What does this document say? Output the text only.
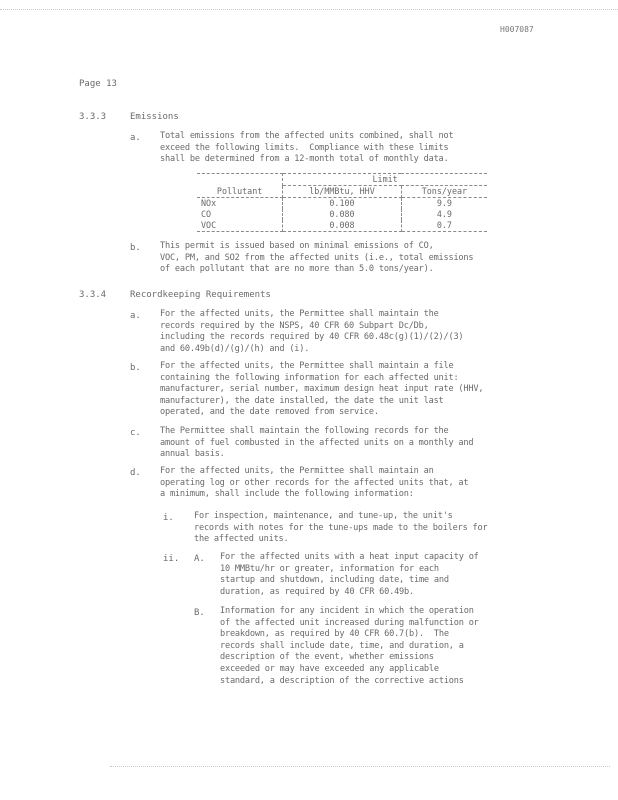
H007087
Page 13
3.3.3	Emissions
a. Total emissions from the affected units combined, shall not
exceed the following limits.  Compliance with these limits
shall be determined from a 12-month total of monthly data.
	Limit	
Pollutant	lb/MMBtu, HHV	Tons/year
NOx	0.100	9.9
CO	0.080	4.9
VOC	0.008	0.7
b. This permit is issued based on minimal emissions of CO,
VOC, PM, and SO2 from the affected units (i.e., total emissions
of each pollutant that are no more than 5.0 tons/year).
3.3.4	Recordkeeping Requirements
a. For the affected units, the Permittee shall maintain the
records required by the NSPS, 40 CFR 60 Subpart Dc/Db,
including the records required by 40 CFR 60.48c(g)(1)/(2)/(3)
and 60.49b(d)/(g)/(h) and (i).
b. For the affected units, the Permittee shall maintain a file
containing the following information for each affected unit:
manufacturer, serial number, maximum design heat input rate (HHV,
manufacturer), the date installed, the date the unit last
operated, and the date removed from service.
c. The Permittee shall maintain the following records for the
amount of fuel combusted in the affected units on a monthly and
annual basis.
d. For the affected units, the Permittee shall maintain an
operating log or other records for the affected units that, at
a minimum, shall include the following information:
i. For inspection, maintenance, and tune-up, the unit's
records with notes for the tune-ups made to the boilers for
the affected units.
ii. A. For the affected units with a heat input capacity of
10 MMBtu/hr or greater, information for each
startup and shutdown, including date, time and
duration, as required by 40 CFR 60.49b.
B. Information for any incident in which the operation
of the affected unit increased during malfunction or
breakdown, as required by 40 CFR 60.7(b).  The
records shall include date, time, and duration, a
description of the event, whether emissions
exceeded or may have exceeded any applicable
standard, a description of the corrective actions
